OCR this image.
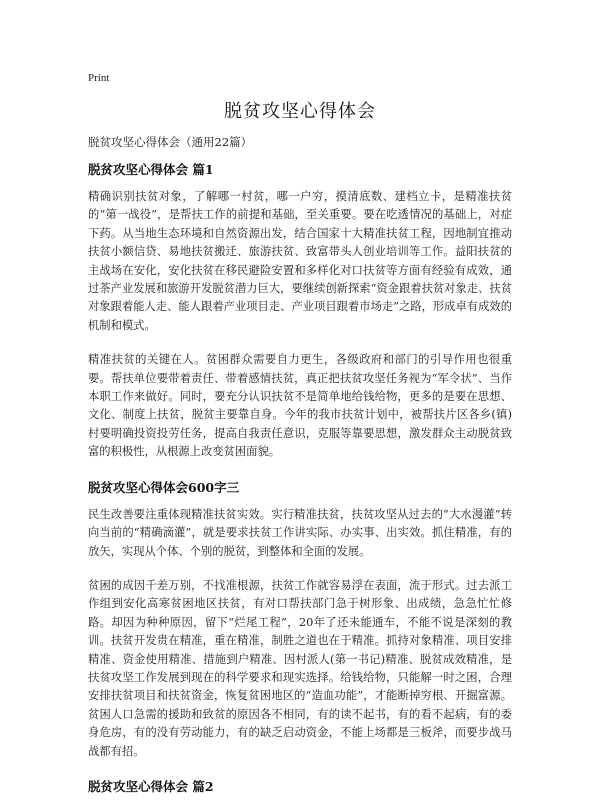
Print
脱贫攻坚心得体会
脱贫攻坚心得体会（通用22篇）
脱贫攻坚心得体会 篇1

精确识别扶贫对象，了解哪一村贫，哪一户穷，摸清底数、建档立卡，是精准扶贫的“第一战役”，是帮扶工作的前提和基础，至关重要。要在吃透情况的基础上，对症下药。从当地生态环境和自然资源出发，结合国家十大精准扶贫工程，因地制宜推动扶贫小额信贷、易地扶贫搬迁、旅游扶贫、致富带头人创业培训等工作。益阳扶贫的主战场在安化，安化扶贫在移民避险安置和多样化对口扶贫等方面有经验有成效，通过茶产业发展和旅游开发脱贫潜力巨大，要继续创新探索“资金跟着扶贫对象走、扶贫对象跟着能人走、能人跟着产业项目走、产业项目跟着市场走”之路，形成卓有成效的机制和模式。

精准扶贫的关键在人。贫困群众需要自力更生，各级政府和部门的引导作用也很重要。帮扶单位要带着责任、带着感情扶贫，真正把扶贫攻坚任务视为“军令状”、当作本职工作来做好。同时，要充分认识扶贫不是简单地给钱给物，更多的是要在思想、文化、制度上扶贫，脱贫主要靠自身。今年的我市扶贫计划中，被帮扶片区各乡(镇)村要明确投资投劳任务，提高自我责任意识，克服等靠要思想，激发群众主动脱贫致富的积极性，从根源上改变贫困面貌。

脱贫攻坚心得体会600字三

民生改善要注重体现精准扶贫实效。实行精准扶贫，扶贫攻坚从过去的“大水漫灌”转向当前的“精确滴灌”，就是要求扶贫工作讲实际、办实事、出实效。抓住精准，有的放矢，实现从个体、个别的脱贫，到整体和全面的发展。

贫困的成因千差万别，不找准根源，扶贫工作就容易浮在表面，流于形式。过去派工作组到安化高寒贫困地区扶贫，有对口帮扶部门急于树形象、出成绩，急急忙忙修路。却因为种种原因，留下“烂尾工程”，20年了还未能通车，不能不说是深刻的教训。扶贫开发贵在精准，重在精准，制胜之道也在于精准。抓持对象精准、项目安排精准、资金使用精准、措施到户精准、因村派人(第一书记)精准、脱贫成效精准，是扶贫攻坚工作发展到现在的科学要求和现实选择。给钱给物，只能解一时之困，合理安排扶贫项目和扶贫资金，恢复贫困地区的“造血功能”，才能断掉穷根、开掘富源。贫困人口急需的援助和致贫的原因各不相同，有的读不起书，有的看不起病，有的委身危房，有的没有劳动能力，有的缺乏启动资金，不能上场都是三板斧，而要步战马战都有招。

脱贫攻坚心得体会 篇2
